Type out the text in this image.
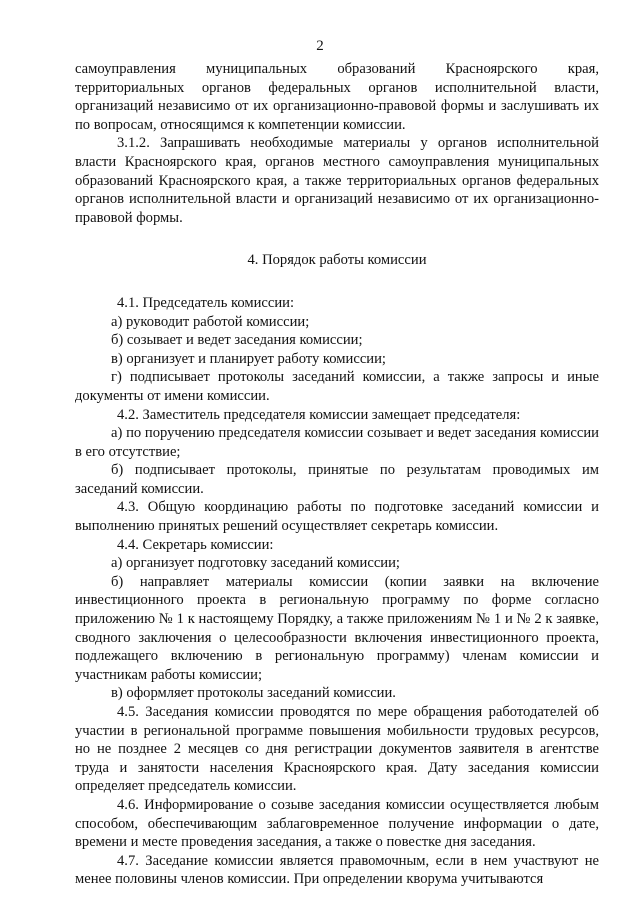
2

самоуправления муниципальных образований Красноярского края, территориальных органов федеральных органов исполнительной власти, организаций независимо от их организационно-правовой формы и заслушивать их по вопросам, относящимся к компетенции комиссии.

3.1.2. Запрашивать необходимые материалы у органов исполнительной власти Красноярского края, органов местного самоуправления муниципальных образований Красноярского края, а также территориальных органов федеральных органов исполнительной власти и организаций независимо от их организационно-правовой формы.

4. Порядок работы комиссии

4.1. Председатель комиссии:

а) руководит работой комиссии;

б) созывает и ведет заседания комиссии;

в) организует и планирует работу комиссии;

г) подписывает протоколы заседаний комиссии, а также запросы и иные документы от имени комиссии.

4.2. Заместитель председателя комиссии замещает председателя:

а) по поручению председателя комиссии созывает и ведет заседания комиссии в его отсутствие;

б) подписывает протоколы, принятые по результатам проводимых им заседаний комиссии.

4.3. Общую координацию работы по подготовке заседаний комиссии и выполнению принятых решений осуществляет секретарь комиссии.

4.4. Секретарь комиссии:

а) организует подготовку заседаний комиссии;

б) направляет материалы комиссии (копии заявки на включение инвестиционного проекта в региональную программу по форме согласно приложению № 1 к настоящему Порядку, а также приложениям № 1 и № 2 к заявке, сводного заключения о целесообразности включения инвестиционного проекта, подлежащего включению в региональную программу) членам комиссии и участникам работы комиссии;

в) оформляет протоколы заседаний комиссии.

4.5. Заседания комиссии проводятся по мере обращения работодателей об участии в региональной программе повышения мобильности трудовых ресурсов, но не позднее 2 месяцев со дня регистрации документов заявителя в агентстве труда и занятости населения Красноярского края. Дату заседания комиссии определяет председатель комиссии.

4.6. Информирование о созыве заседания комиссии осуществляется любым способом, обеспечивающим заблаговременное получение информации о дате, времени и месте проведения заседания, а также о повестке дня заседания.

4.7. Заседание комиссии является правомочным, если в нем участвуют не менее половины членов комиссии. При определении кворума учитываются
